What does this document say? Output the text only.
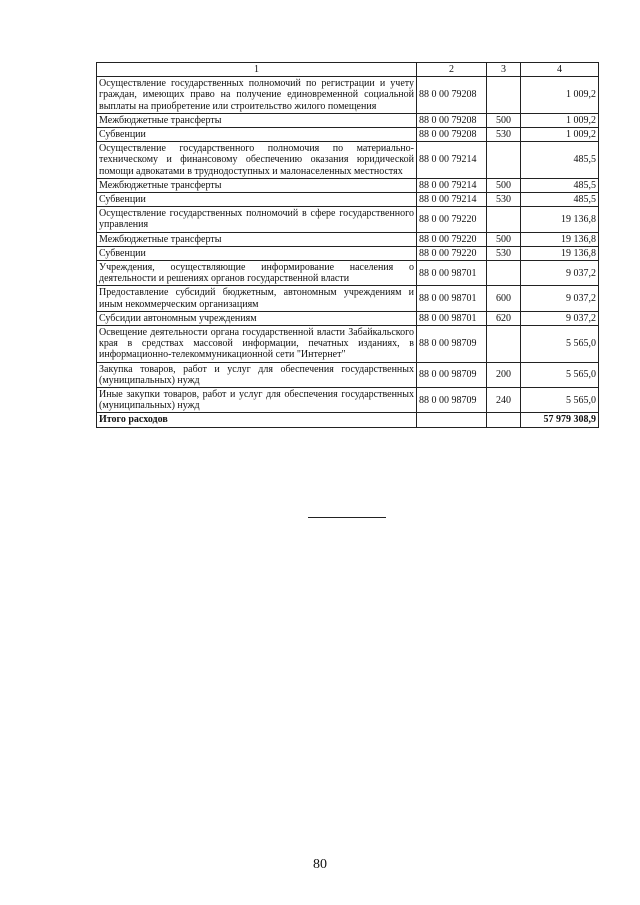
1	2	3	4
Осуществление государственных полномочий по регистрации и учету граждан, имеющих право на получение единовременной социальной выплаты на приобретение или строительство жилого помещения	88 0 00 79208		1 009,2
Межбюджетные трансферты	88 0 00 79208	500	1 009,2
Субвенции	88 0 00 79208	530	1 009,2
Осуществление государственного полномочия по материально-техническому и финансовому обеспечению оказания юридической помощи адвокатами в труднодоступных и малонаселенных местностях	88 0 00 79214		485,5
Межбюджетные трансферты	88 0 00 79214	500	485,5
Субвенции	88 0 00 79214	530	485,5
Осуществление государственных полномочий в сфере государственного управления	88 0 00 79220		19 136,8
Межбюджетные трансферты	88 0 00 79220	500	19 136,8
Субвенции	88 0 00 79220	530	19 136,8
Учреждения, осуществляющие информирование населения о деятельности и решениях органов государственной власти	88 0 00 98701		9 037,2
Предоставление субсидий бюджетным, автономным учреждениям и иным некоммерческим организациям	88 0 00 98701	600	9 037,2
Субсидии автономным учреждениям	88 0 00 98701	620	9 037,2
Освещение деятельности органа государственной власти Забайкальского края в средствах массовой информации, печатных изданиях, в информационно-телекоммуникационной сети "Интернет"	88 0 00 98709		5 565,0
Закупка товаров, работ и услуг для обеспечения государственных (муниципальных) нужд	88 0 00 98709	200	5 565,0
Иные закупки товаров, работ и услуг для обеспечения государственных (муниципальных) нужд	88 0 00 98709	240	5 565,0
Итого расходов			57 979 308,9
80
